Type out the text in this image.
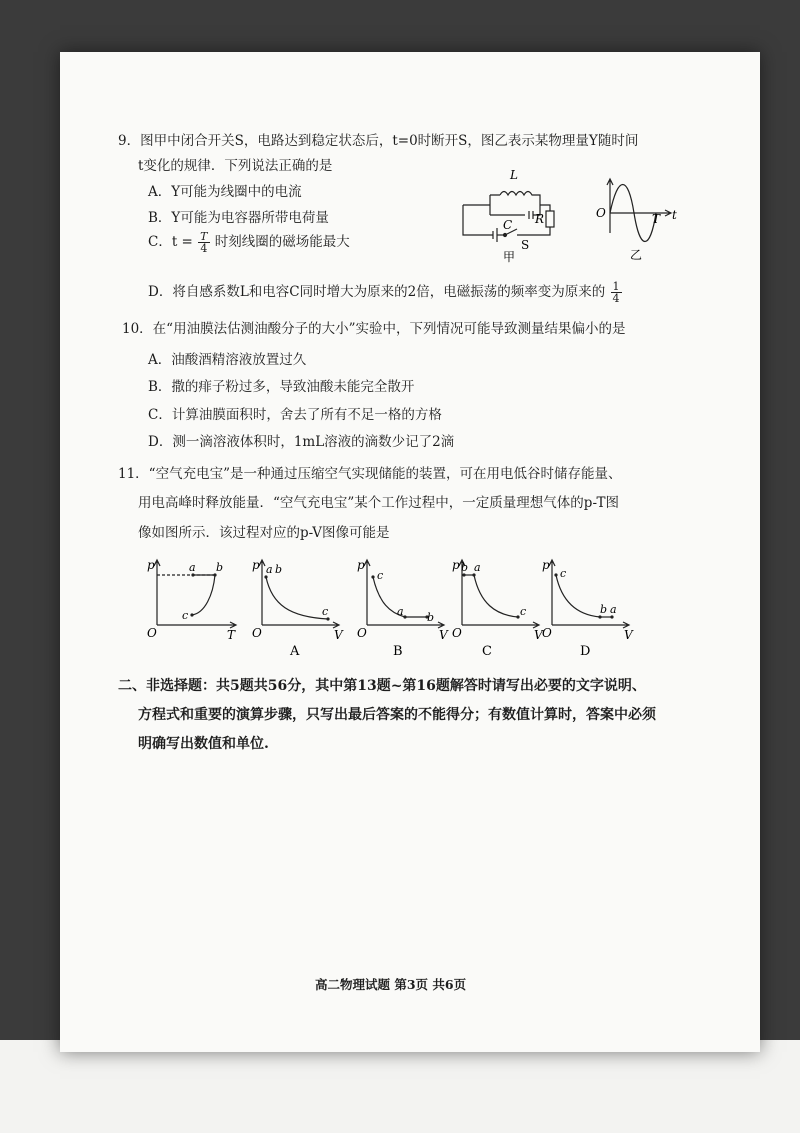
9．图甲中闭合开关S，电路达到稳定状态后，t=0时断开S，图乙表示某物理量Y随时间
t变化的规律．下列说法正确的是
A．Y可能为线圈中的电流
B．Y可能为电容器所带电荷量
C．$t = \frac{T}{4}$ 时刻线圈的磁场能最大
D．将自感系数L和电容C同时增大为原来的2倍，电磁振荡的频率变为原来的 $\frac{1}{4}$
L
C R
S
甲
O	T t
乙
10．在“用油膜法估测油酸分子的大小”实验中，下列情况可能导致测量结果偏小的是
A．油酸酒精溶液放置过久
B．撒的痱子粉过多，导致油酸未能完全散开
C．计算油膜面积时，舍去了所有不足一格的方格
D．测一滴溶液体积时，1mL溶液的滴数少记了2滴
11．“空气充电宝”是一种通过压缩空气实现储能的装置，可在用电低谷时储存能量、
用电高峰时释放能量．“空气充电宝”某个工作过程中，一定质量理想气体的p-T图
像如图所示．该过程对应的p-V图像可能是
p
O	T
a b
c
p
O	V
a b
c
A
p
O	V
c
a b
B
p
O	V
b a
c
C
p
O	V
c
b a
D
二、非选择题：共5题共56分，其中第13题~第16题解答时请写出必要的文字说明、
方程式和重要的演算步骤，只写出最后答案的不能得分；有数值计算时，答案中必须
明确写出数值和单位.
高二物理试题 第3页 共6页
